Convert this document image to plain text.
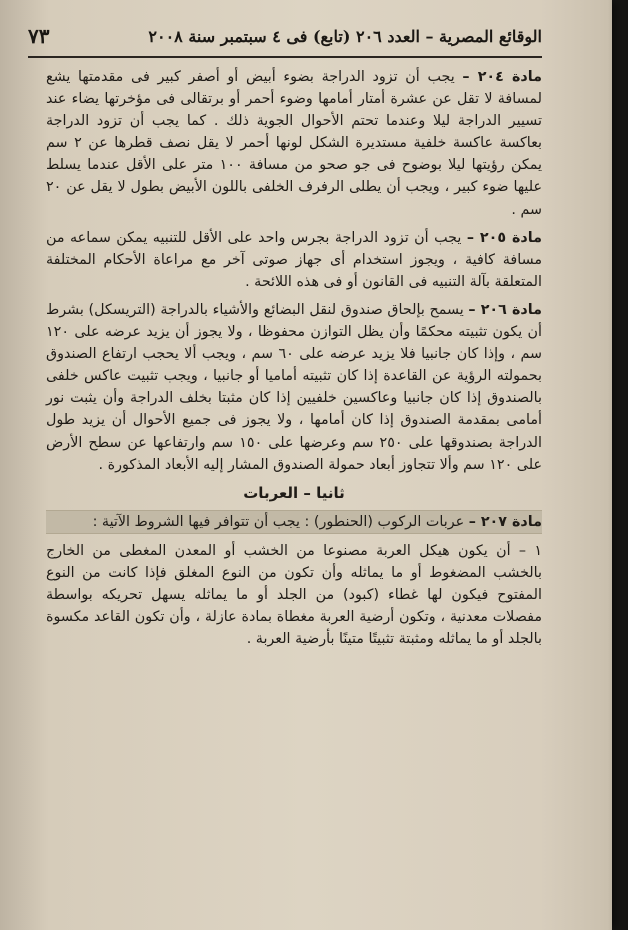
الوقائع المصرية – العدد ٢٠٦ (تابع) فى ٤ سبتمبر سنة ٢٠٠٨
٧٣

مادة ٢٠٤ – يجب أن تزود الدراجة بضوء أبيض أو أصفر كبير فى مقدمتها يشع لمسافة لا تقل عن عشرة أمتار أمامها وضوء أحمر أو برتقالى فى مؤخرتها يضاء عند تسيير الدراجة ليلا وعندما تحتم الأحوال الجوية ذلك . كما يجب أن تزود الدراجة بعاكسة عاكسة خلفية مستديرة الشكل لونها أحمر لا يقل نصف قطرها عن ٢ سم يمكن رؤيتها ليلا بوضوح فى جو صحو من مسافة ١٠٠ متر على الأقل عندما يسلط عليها ضوء كبير ، ويجب أن يطلى الرفرف الخلفى باللون الأبيض بطول لا يقل عن ٢٠ سم .

مادة ٢٠٥ – يجب أن تزود الدراجة بجرس واحد على الأقل للتنبيه يمكن سماعه من مسافة كافية ، ويجوز استخدام أى جهاز صوتى آخر مع مراعاة الأحكام المختلفة المتعلقة بآلة التنبيه فى القانون أو فى هذه اللائحة .

مادة ٢٠٦ – يسمح بإلحاق صندوق لنقل البضائع والأشياء بالدراجة (التريسكل) بشرط أن يكون تثبيته محكمًا وأن يظل التوازن محفوظا ، ولا يجوز أن يزيد عرضه على ١٢٠ سم ، وإذا كان جانبيا فلا يزيد عرضه على ٦٠ سم ، ويجب ألا يحجب ارتفاع الصندوق بحمولته الرؤية عن القاعدة إذا كان تثبيته أماميا أو جانبيا ، ويجب تثبيت عاكس خلفى بالصندوق إذا كان جانبيا وعاكسين خلفيين إذا كان مثبتا بخلف الدراجة وأن يثبت نور أمامى بمقدمة الصندوق إذا كان أمامها ، ولا يجوز فى جميع الأحوال أن يزيد طول الدراجة بصندوقها على ٢٥٠ سم وعرضها على ١٥٠ سم وارتفاعها عن سطح الأرض على ١٢٠ سم وألا تتجاوز أبعاد حمولة الصندوق المشار إليه الأبعاد المذكورة .

ثانيا – العربات

مادة ٢٠٧ – عربات الركوب (الحنطور) : يجب أن تتوافر فيها الشروط الآتية :

١ – أن يكون هيكل العربة مصنوعا من الخشب أو المعدن المغطى من الخارج بالخشب المضغوط أو ما يماثله وأن تكون من النوع المغلق فإذا كانت من النوع المفتوح فيكون لها غطاء (كبود) من الجلد أو ما يماثله يسهل تحريكه بواسطة مفصلات معدنية ، وتكون أرضية العربة مغطاة بمادة عازلة ، وأن تكون القاعد مكسوة بالجلد أو ما يماثله ومثبتة تثبيتًا متينًا بأرضية العربة .
